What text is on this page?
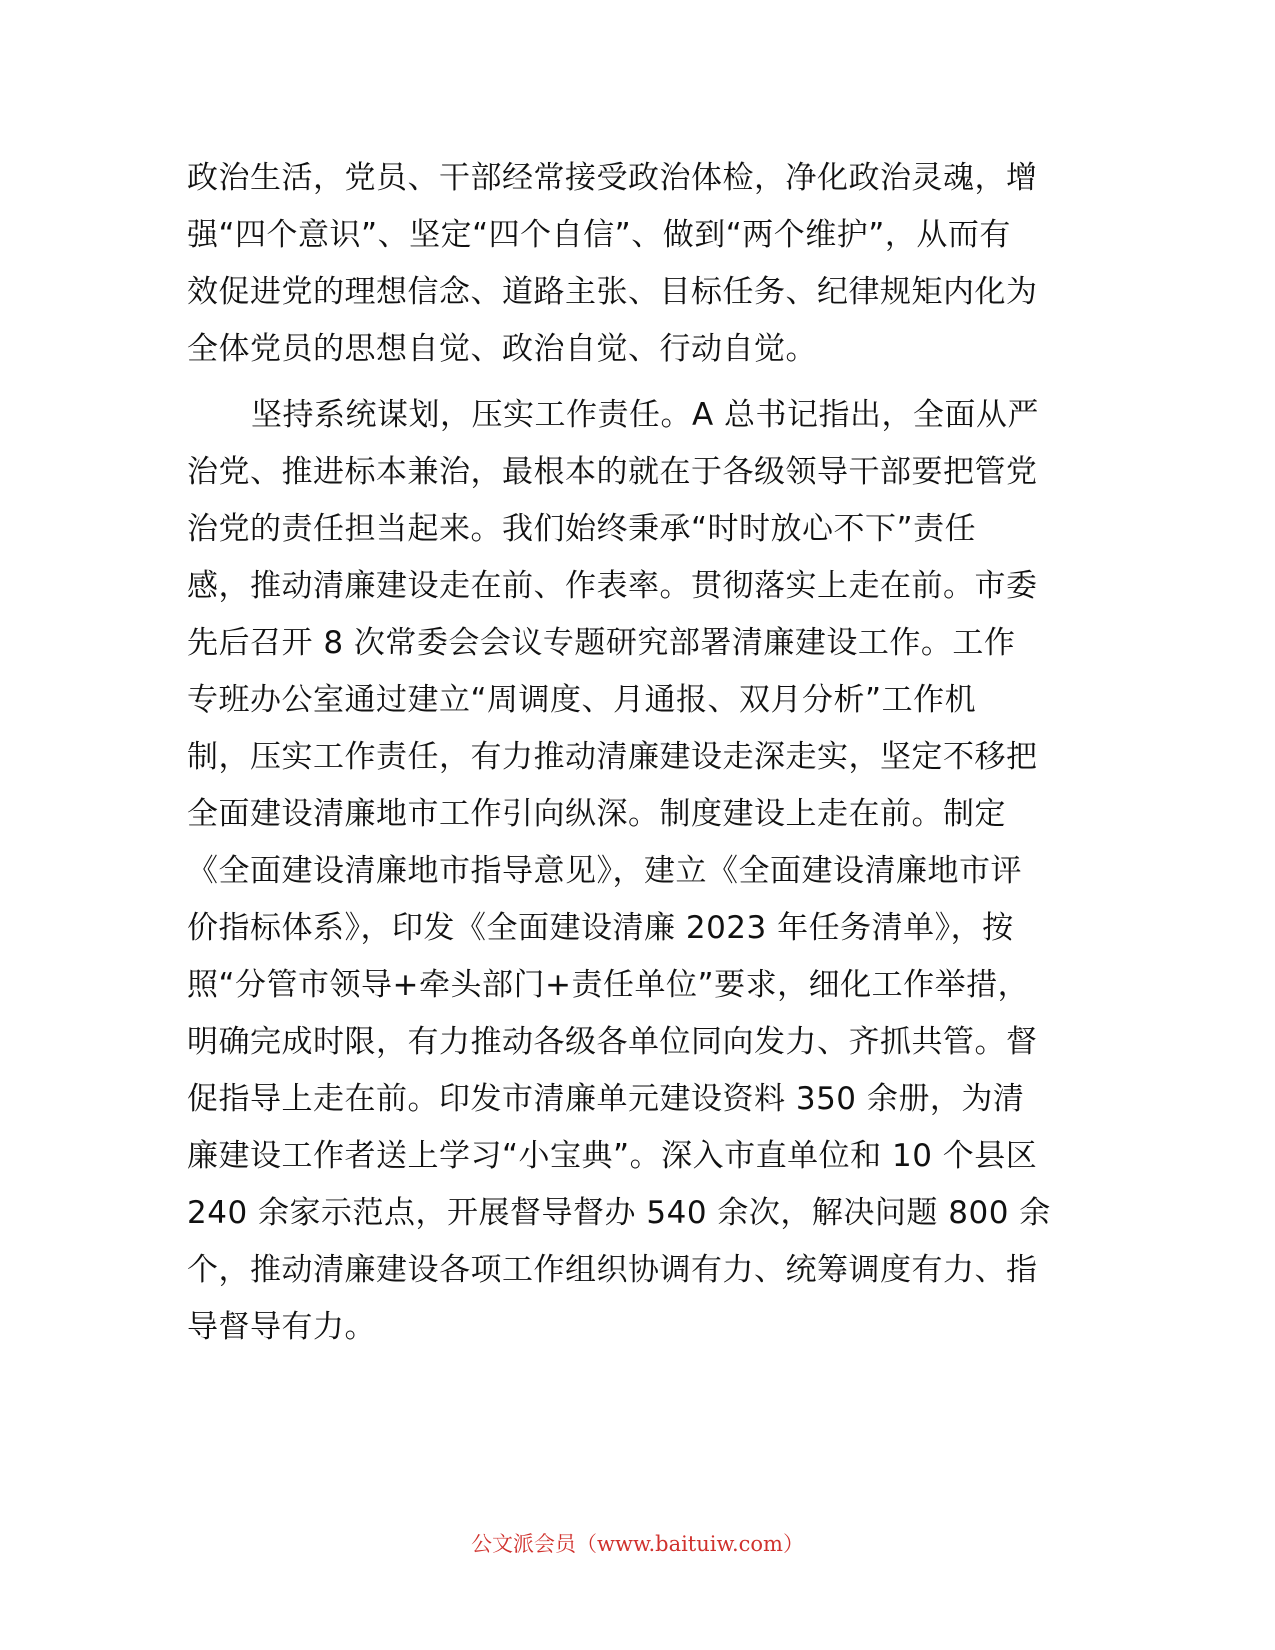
政治生活，党员、干部经常接受政治体检，净化政治灵魂，增
强“四个意识”、坚定“四个自信”、做到“两个维护”，从而有
效促进党的理想信念、道路主张、目标任务、纪律规矩内化为
全体党员的思想自觉、政治自觉、行动自觉。
坚持系统谋划，压实工作责任。A 总书记指出，全面从严
治党、推进标本兼治，最根本的就在于各级领导干部要把管党
治党的责任担当起来。我们始终秉承“时时放心不下”责任
感，推动清廉建设走在前、作表率。贯彻落实上走在前。市委
先后召开 8 次常委会会议专题研究部署清廉建设工作。工作
专班办公室通过建立“周调度、月通报、双月分析”工作机
制，压实工作责任，有力推动清廉建设走深走实，坚定不移把
全面建设清廉地市工作引向纵深。制度建设上走在前。制定
《全面建设清廉地市指导意见》，建立《全面建设清廉地市评
价指标体系》，印发《全面建设清廉 2023 年任务清单》，按
照“分管市领导+牵头部门+责任单位”要求，细化工作举措，
明确完成时限，有力推动各级各单位同向发力、齐抓共管。督
促指导上走在前。印发市清廉单元建设资料 350 余册，为清
廉建设工作者送上学习“小宝典”。深入市直单位和 10 个县区
240 余家示范点，开展督导督办 540 余次，解决问题 800 余
个，推动清廉建设各项工作组织协调有力、统筹调度有力、指
导督导有力。
公文派会员（www.baituiw.com）
